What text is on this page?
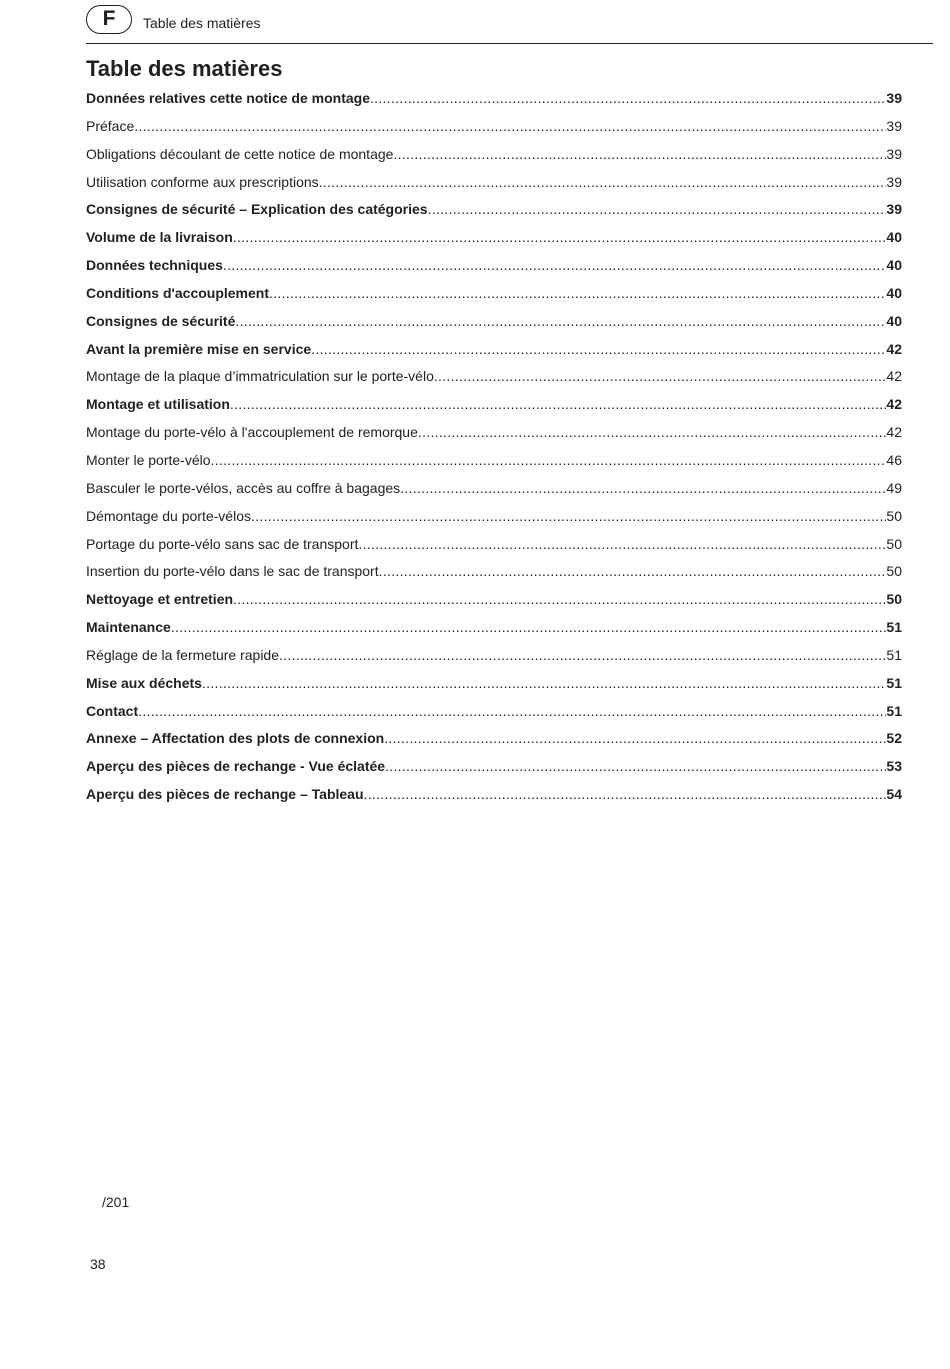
F	Table des matières
Table des matières
Données relatives cette notice de montage .....	39
Préface .....	39
Obligations découlant de cette notice de montage .....	39
Utilisation conforme aux prescriptions .....	39
Consignes de sécurité – Explication des catégories .....	39
Volume de la livraison .....	40
Données techniques .....	40
Conditions d'accouplement .....	40
Consignes de sécurité .....	40
Avant la première mise en service .....	42
Montage de la plaque d’immatriculation sur le porte-vélo .....	42
Montage et utilisation .....	42
Montage du porte-vélo à l'accouplement de remorque .....	42
Monter le porte-vélo .....	46
Basculer le porte-vélos, accès au coffre à bagages .....	49
Démontage du porte-vélos .....	50
Portage du porte-vélo sans sac de transport .....	50
Insertion du porte-vélo dans le sac de transport .....	50
Nettoyage et entretien .....	50
Maintenance .....	51
Réglage de la fermeture rapide .....	51
Mise aux déchets .....	51
Contact .....	51
Annexe – Affectation des plots de connexion .....	52
Aperçu des pièces de rechange - Vue éclatée .....	53
Aperçu des pièces de rechange – Tableau .....	54
/201
38
